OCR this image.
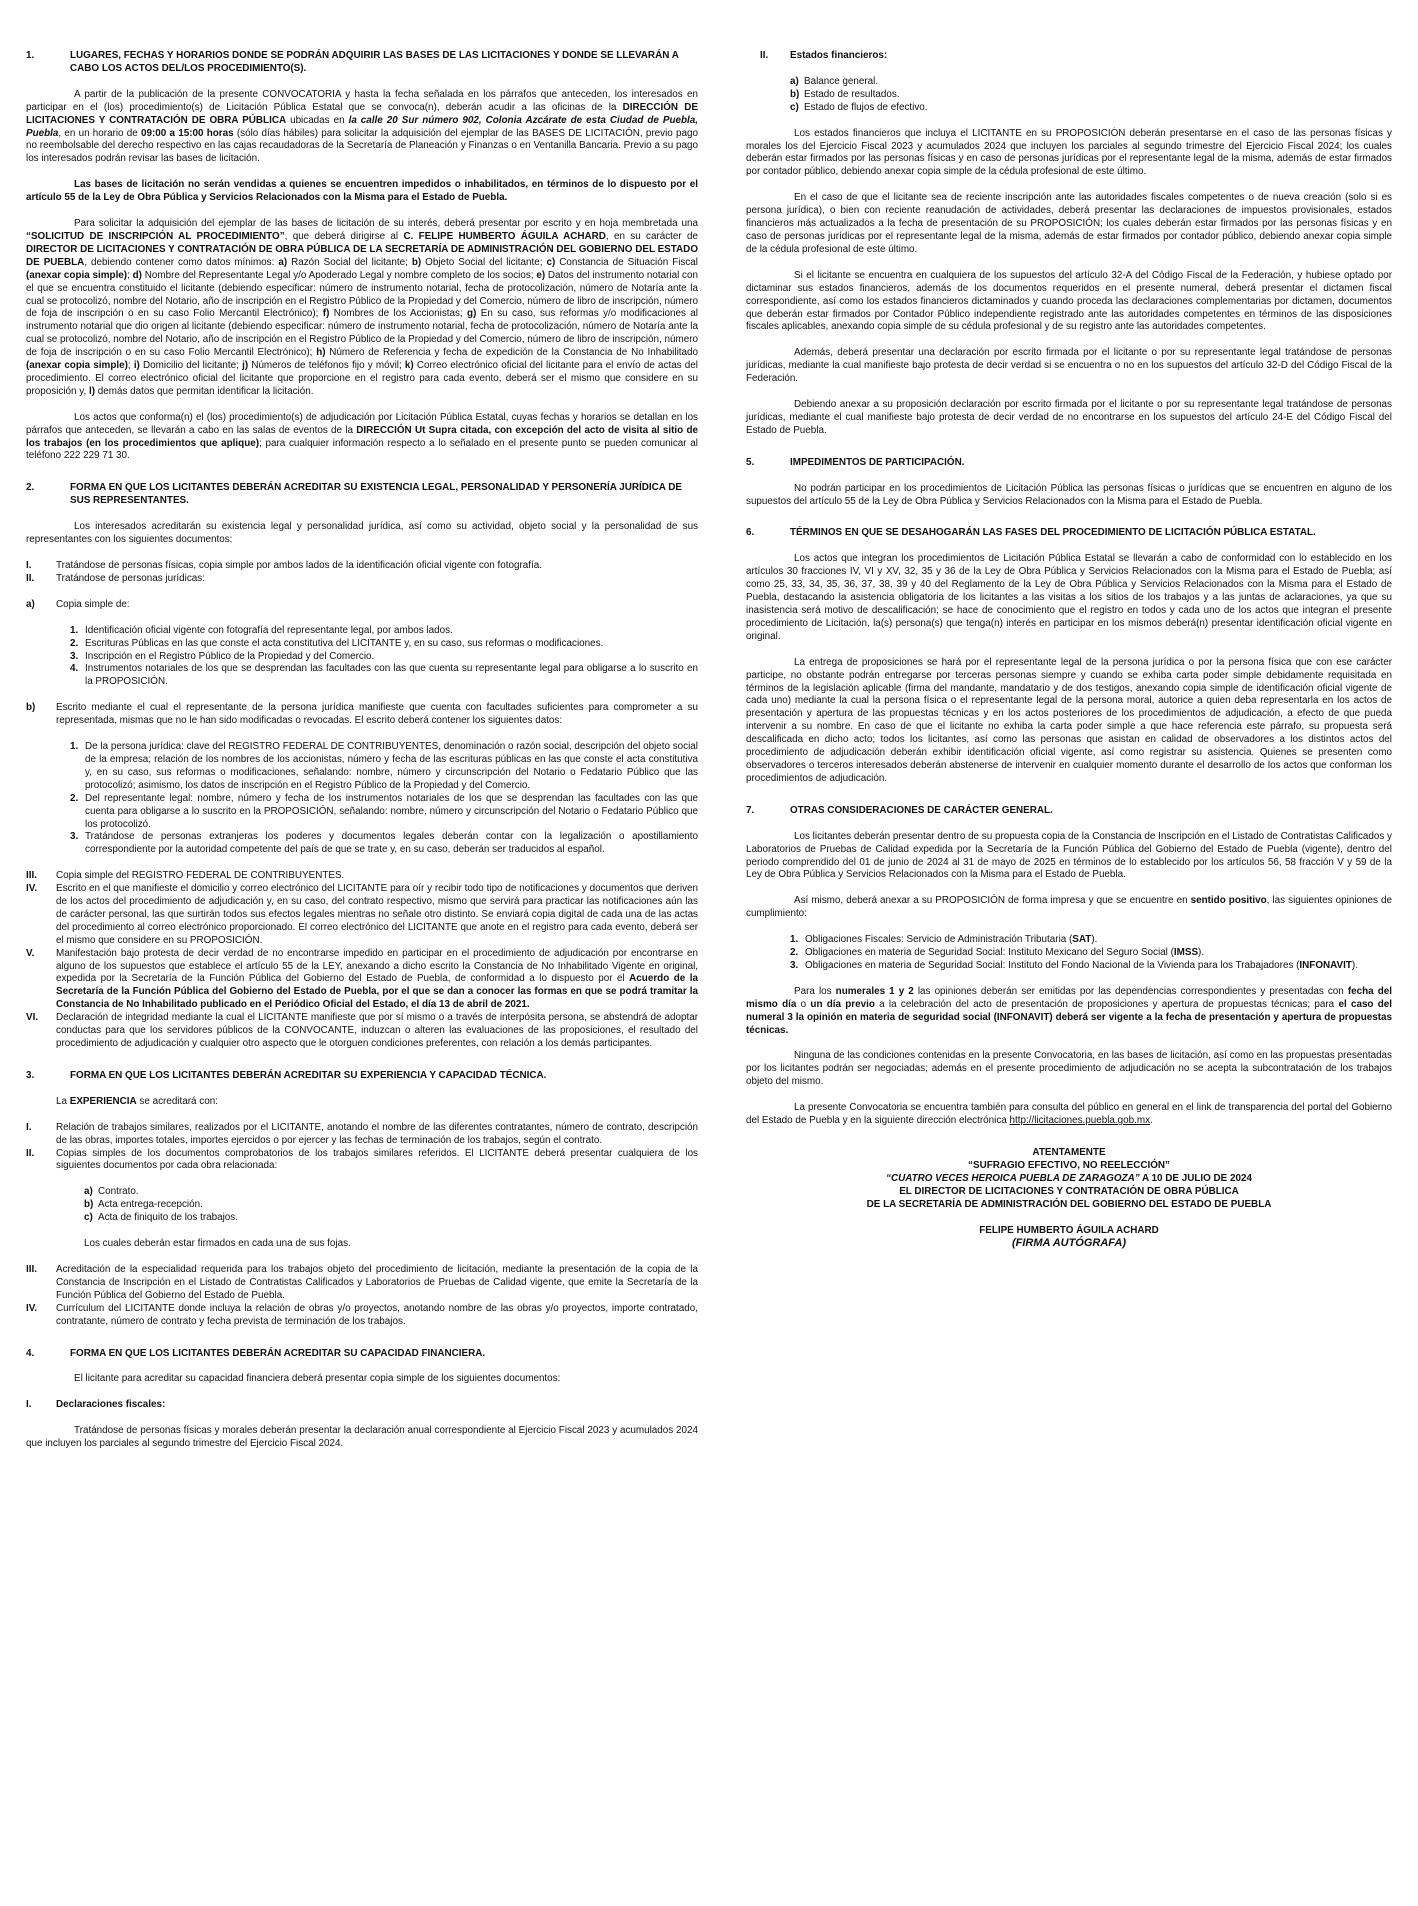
1.	LUGARES, FECHAS Y HORARIOS DONDE SE PODRÁN ADQUIRIR LAS BASES DE LAS LICITACIONES Y DONDE SE LLEVARÁN A CABO LOS ACTOS DEL/LOS PROCEDIMIENTO(S).

A partir de la publicación de la presente CONVOCATORIA y hasta la fecha señalada en los párrafos que anteceden, los interesados en participar en el (los) procedimiento(s) de Licitación Pública Estatal que se convoca(n), deberán acudir a las oficinas de la DIRECCIÓN DE LICITACIONES Y CONTRATACIÓN DE OBRA PÚBLICA ubicadas en la calle 20 Sur número 902, Colonia Azcárate de esta Ciudad de Puebla, Puebla, en un horario de 09:00 a 15:00 horas (sólo días hábiles) para solicitar la adquisición del ejemplar de las BASES DE LICITACIÓN, previo pago no reembolsable del derecho respectivo en las cajas recaudadoras de la Secretaría de Planeación y Finanzas o en Ventanilla Bancaria. Previo a su pago los interesados podrán revisar las bases de licitación.

Las bases de licitación no serán vendidas a quienes se encuentren impedidos o inhabilitados, en términos de lo dispuesto por el artículo 55 de la Ley de Obra Pública y Servicios Relacionados con la Misma para el Estado de Puebla.

Para solicitar la adquisición del ejemplar de las bases de licitación de su interés, deberá presentar por escrito y en hoja membretada una “SOLICITUD DE INSCRIPCIÓN AL PROCEDIMIENTO”, que deberá dirigirse al C. FELIPE HUMBERTO ÁGUILA ACHARD, en su carácter de DIRECTOR DE LICITACIONES Y CONTRATACIÓN DE OBRA PÚBLICA DE LA SECRETARÍA DE ADMINISTRACIÓN DEL GOBIERNO DEL ESTADO DE PUEBLA, debiendo contener como datos mínimos: a) Razón Social del licitante; b) Objeto Social del licitante; c) Constancia de Situación Fiscal (anexar copia simple); d) Nombre del Representante Legal y/o Apoderado Legal y nombre completo de los socios; e) Datos del instrumento notarial con el que se encuentra constituido el licitante (debiendo especificar: número de instrumento notarial, fecha de protocolización, número de Notaría ante la cual se protocolizó, nombre del Notario, año de inscripción en el Registro Público de la Propiedad y del Comercio, número de libro de inscripción, número de foja de inscripción o en su caso Folio Mercantil Electrónico); f) Nombres de los Accionistas; g) En su caso, sus reformas y/o modificaciones al instrumento notarial que dio origen al licitante (debiendo especificar: número de instrumento notarial, fecha de protocolización, número de Notaría ante la cual se protocolizó, nombre del Notario, año de inscripción en el Registro Público de la Propiedad y del Comercio, número de libro de inscripción, número de foja de inscripción o en su caso Folio Mercantil Electrónico); h) Número de Referencia y fecha de expedición de la Constancia de No Inhabilitado (anexar copia simple); i) Domicilio del licitante; j) Números de teléfonos fijo y móvil; k) Correo electrónico oficial del licitante para el envío de actas del procedimiento. El correo electrónico oficial del licitante que proporcione en el registro para cada evento, deberá ser el mismo que considere en su proposición y, l) demás datos que permitan identificar la licitación.

Los actos que conforma(n) el (los) procedimiento(s) de adjudicación por Licitación Pública Estatal, cuyas fechas y horarios se detallan en los párrafos que anteceden, se llevarán a cabo en las salas de eventos de la DIRECCIÓN Ut Supra citada, con excepción del acto de visita al sitio de los trabajos (en los procedimientos que aplique); para cualquier información respecto a lo señalado en el presente punto se pueden comunicar al teléfono 222 229 71 30.

2.	FORMA EN QUE LOS LICITANTES DEBERÁN ACREDITAR SU EXISTENCIA LEGAL, PERSONALIDAD Y PERSONERÍA JURÍDICA DE SUS REPRESENTANTES.

Los interesados acreditarán su existencia legal y personalidad jurídica, así como su actividad, objeto social y la personalidad de sus representantes con los siguientes documentos:

I.	Tratándose de personas físicas, copia simple por ambos lados de la identificación oficial vigente con fotografía.
II.	Tratándose de personas jurídicas:
a)	Copia simple de:
1. Identificación oficial vigente con fotografía del representante legal, por ambos lados.
2. Escrituras Públicas en las que conste el acta constitutiva del LICITANTE y, en su caso, sus reformas o modificaciones.
3. Inscripción en el Registro Público de la Propiedad y del Comercio.
4. Instrumentos notariales de los que se desprendan las facultades con las que cuenta su representante legal para obligarse a lo suscrito en la PROPOSICIÓN.
b)	Escrito mediante el cual el representante de la persona jurídica manifieste que cuenta con facultades suficientes para comprometer a su representada, mismas que no le han sido modificadas o revocadas. El escrito deberá contener los siguientes datos:
1. De la persona jurídica: clave del REGISTRO FEDERAL DE CONTRIBUYENTES, denominación o razón social, descripción del objeto social de la empresa; relación de los nombres de los accionistas, número y fecha de las escrituras públicas en las que conste el acta constitutiva y, en su caso, sus reformas o modificaciones, señalando: nombre, número y circunscripción del Notario o Fedatario Público que las protocolizó; asimismo, los datos de inscripción en el Registro Público de la Propiedad y del Comercio.
2. Del representante legal: nombre, número y fecha de los instrumentos notariales de los que se desprendan las facultades con las que cuenta para obligarse a lo suscrito en la PROPOSICIÓN, señalando: nombre, número y circunscripción del Notario o Fedatario Público que los protocolizó.
3. Tratándose de personas extranjeras los poderes y documentos legales deberán contar con la legalización o apostillamiento correspondiente por la autoridad competente del país de que se trate y, en su caso, deberán ser traducidos al español.
III.	Copia simple del REGISTRO FEDERAL DE CONTRIBUYENTES.
IV.	Escrito en el que manifieste el domicilio y correo electrónico del LICITANTE para oír y recibir todo tipo de notificaciones y documentos que deriven de los actos del procedimiento de adjudicación y, en su caso, del contrato respectivo, mismo que servirá para practicar las notificaciones aún las de carácter personal, las que surtirán todos sus efectos legales mientras no señale otro distinto. Se enviará copia digital de cada una de las actas del procedimiento al correo electrónico proporcionado. El correo electrónico del LICITANTE que anote en el registro para cada evento, deberá ser el mismo que considere en su PROPOSICIÓN.
V.	Manifestación bajo protesta de decir verdad de no encontrarse impedido en participar en el procedimiento de adjudicación por encontrarse en alguno de los supuestos que establece el artículo 55 de la LEY, anexando a dicho escrito la Constancia de No Inhabilitado Vigente en original, expedida por la Secretaría de la Función Pública del Gobierno del Estado de Puebla, de conformidad a lo dispuesto por el Acuerdo de la Secretaría de la Función Pública del Gobierno del Estado de Puebla, por el que se dan a conocer las formas en que se podrá tramitar la Constancia de No Inhabilitado publicado en el Periódico Oficial del Estado, el día 13 de abril de 2021.
VI.	Declaración de integridad mediante la cual el LICITANTE manifieste que por sí mismo o a través de interpósita persona, se abstendrá de adoptar conductas para que los servidores públicos de la CONVOCANTE, induzcan o alteren las evaluaciones de las proposiciones, el resultado del procedimiento de adjudicación y cualquier otro aspecto que le otorguen condiciones preferentes, con relación a los demás participantes.
3.	FORMA EN QUE LOS LICITANTES DEBERÁN ACREDITAR SU EXPERIENCIA Y CAPACIDAD TÉCNICA.

La EXPERIENCIA se acreditará con:

I.	Relación de trabajos similares, realizados por el LICITANTE, anotando el nombre de las diferentes contratantes, número de contrato, descripción de las obras, importes totales, importes ejercidos o por ejercer y las fechas de terminación de los trabajos, según el contrato.
II.	Copias simples de los documentos comprobatorios de los trabajos similares referidos. El LICITANTE deberá presentar cualquiera de los siguientes documentos por cada obra relacionada:
a) Contrato.
b) Acta entrega-recepción.
c) Acta de finiquito de los trabajos.

Los cuales deberán estar firmados en cada una de sus fojas.

III.	Acreditación de la especialidad requerida para los trabajos objeto del procedimiento de licitación, mediante la presentación de la copia de la Constancia de Inscripción en el Listado de Contratistas Calificados y Laboratorios de Pruebas de Calidad vigente, que emite la Secretaría de la Función Pública del Gobierno del Estado de Puebla.
IV.	Currículum del LICITANTE donde incluya la relación de obras y/o proyectos, anotando nombre de las obras y/o proyectos, importe contratado, contratante, número de contrato y fecha prevista de terminación de los trabajos.
4.	FORMA EN QUE LOS LICITANTES DEBERÁN ACREDITAR SU CAPACIDAD FINANCIERA.

El licitante para acreditar su capacidad financiera deberá presentar copia simple de los siguientes documentos:

I.	Declaraciones fiscales:

Tratándose de personas físicas y morales deberán presentar la declaración anual correspondiente al Ejercicio Fiscal 2023 y acumulados 2024 que incluyen los parciales al segundo trimestre del Ejercicio Fiscal 2024.

II.	Estados financieros:
a) Balance general.
b) Estado de resultados.
c) Estado de flujos de efectivo.

Los estados financieros que incluya el LICITANTE en su PROPOSICIÓN deberán presentarse en el caso de las personas físicas y morales los del Ejercicio Fiscal 2023 y acumulados 2024 que incluyen los parciales al segundo trimestre del Ejercicio Fiscal 2024; los cuales deberán estar firmados por las personas físicas y en caso de personas jurídicas por el representante legal de la misma, además de estar firmados por contador público, debiendo anexar copia simple de la cédula profesional de este último.

En el caso de que el licitante sea de reciente inscripción ante las autoridades fiscales competentes o de nueva creación (solo si es persona jurídica), o bien con reciente reanudación de actividades, deberá presentar las declaraciones de impuestos provisionales, estados financieros más actualizados a la fecha de presentación de su PROPOSICIÓN; los cuales deberán estar firmados por las personas físicas y en caso de personas jurídicas por el representante legal de la misma, además de estar firmados por contador público, debiendo anexar copia simple de la cédula profesional de este último.

Si el licitante se encuentra en cualquiera de los supuestos del artículo 32-A del Código Fiscal de la Federación, y hubiese optado por dictaminar sus estados financieros, además de los documentos requeridos en el presente numeral, deberá presentar el dictamen fiscal correspondiente, así como los estados financieros dictaminados y cuando proceda las declaraciones complementarias por dictamen, documentos que deberán estar firmados por Contador Público independiente registrado ante las autoridades competentes en términos de las disposiciones fiscales aplicables, anexando copia simple de su cédula profesional y de su registro ante las autoridades competentes.

Además, deberá presentar una declaración por escrito firmada por el licitante o por su representante legal tratándose de personas jurídicas, mediante la cual manifieste bajo protesta de decir verdad si se encuentra o no en los supuestos del artículo 32-D del Código Fiscal de la Federación.

Debiendo anexar a su proposición declaración por escrito firmada por el licitante o por su representante legal tratándose de personas jurídicas, mediante el cual manifieste bajo protesta de decir verdad de no encontrarse en los supuestos del artículo 24-E del Código Fiscal del Estado de Puebla.

5.	IMPEDIMENTOS DE PARTICIPACIÓN.

No podrán participar en los procedimientos de Licitación Pública las personas físicas o jurídicas que se encuentren en alguno de los supuestos del artículo 55 de la Ley de Obra Pública y Servicios Relacionados con la Misma para el Estado de Puebla.

6.	TÉRMINOS EN QUE SE DESAHOGARÁN LAS FASES DEL PROCEDIMIENTO DE LICITACIÓN PÚBLICA ESTATAL.

Los actos que integran los procedimientos de Licitación Pública Estatal se llevarán a cabo de conformidad con lo establecido en los artículos 30 fracciones IV, VI y XV, 32, 35 y 36 de la Ley de Obra Pública y Servicios Relacionados con la Misma para el Estado de Puebla; así como 25, 33, 34, 35, 36, 37, 38, 39 y 40 del Reglamento de la Ley de Obra Pública y Servicios Relacionados con la Misma para el Estado de Puebla, destacando la asistencia obligatoria de los licitantes a las visitas a los sitios de los trabajos y a las juntas de aclaraciones, ya que su inasistencia será motivo de descalificación; se hace de conocimiento que el registro en todos y cada uno de los actos que integran el presente procedimiento de Licitación, la(s) persona(s) que tenga(n) interés en participar en los mismos deberá(n) presentar identificación oficial vigente en original.

La entrega de proposiciones se hará por el representante legal de la persona jurídica o por la persona física que con ese carácter participe, no obstante podrán entregarse por terceras personas siempre y cuando se exhiba carta poder simple debidamente requisitada en términos de la legislación aplicable (firma del mandante, mandatario y de dos testigos, anexando copia simple de identificación oficial vigente de cada uno) mediante la cual la persona física o el representante legal de la persona moral, autorice a quien deba representarla en los actos de presentación y apertura de las propuestas técnicas y en los actos posteriores de los procedimientos de adjudicación, a efecto de que pueda intervenir a su nombre. En caso de que el licitante no exhiba la carta poder simple a que hace referencia este párrafo, su propuesta será descalificada en dicho acto; todos los licitantes, así como las personas que asistan en calidad de observadores a los distintos actos del procedimiento de adjudicación deberán exhibir identificación oficial vigente, así como registrar su asistencia. Quienes se presenten como observadores o terceros interesados deberán abstenerse de intervenir en cualquier momento durante el desarrollo de los actos que conforman los procedimientos de adjudicación.

7.	OTRAS CONSIDERACIONES DE CARÁCTER GENERAL.

Los licitantes deberán presentar dentro de su propuesta copia de la Constancia de Inscripción en el Listado de Contratistas Calificados y Laboratorios de Pruebas de Calidad expedida por la Secretaría de la Función Pública del Gobierno del Estado de Puebla (vigente), dentro del periodo comprendido del 01 de junio de 2024 al 31 de mayo de 2025 en términos de lo establecido por los artículos 56, 58 fracción V y 59 de la Ley de Obra Pública y Servicios Relacionados con la Misma para el Estado de Puebla.

Así mismo, deberá anexar a su PROPOSICIÓN de forma impresa y que se encuentre en sentido positivo, las siguientes opiniones de cumplimiento:

1. Obligaciones Fiscales: Servicio de Administración Tributaria (SAT).
2. Obligaciones en materia de Seguridad Social: Instituto Mexicano del Seguro Social (IMSS).
3. Obligaciones en materia de Seguridad Social: Instituto del Fondo Nacional de la Vivienda para los Trabajadores (INFONAVIT).

Para los numerales 1 y 2 las opiniones deberán ser emitidas por las dependencias correspondientes y presentadas con fecha del mismo día o un día previo a la celebración del acto de presentación de proposiciones y apertura de propuestas técnicas; para el caso del numeral 3 la opinión en materia de seguridad social (INFONAVIT) deberá ser vigente a la fecha de presentación y apertura de propuestas técnicas.

Ninguna de las condiciones contenidas en la presente Convocatoria, en las bases de licitación, así como en las propuestas presentadas por los licitantes podrán ser negociadas; además en el presente procedimiento de adjudicación no se acepta la subcontratación de los trabajos objeto del mismo.

La presente Convocatoria se encuentra también para consulta del público en general en el link de transparencia del portal del Gobierno del Estado de Puebla y en la siguiente dirección electrónica http://licitaciones.puebla.gob.mx.

ATENTAMENTE
“SUFRAGIO EFECTIVO, NO REELECCIÓN”
“CUATRO VECES HEROICA PUEBLA DE ZARAGOZA” A 10 DE JULIO DE 2024
EL DIRECTOR DE LICITACIONES Y CONTRATACIÓN DE OBRA PÚBLICA
DE LA SECRETARÍA DE ADMINISTRACIÓN DEL GOBIERNO DEL ESTADO DE PUEBLA
FELIPE HUMBERTO ÁGUILA ACHARD
(FIRMA AUTÓGRAFA)
